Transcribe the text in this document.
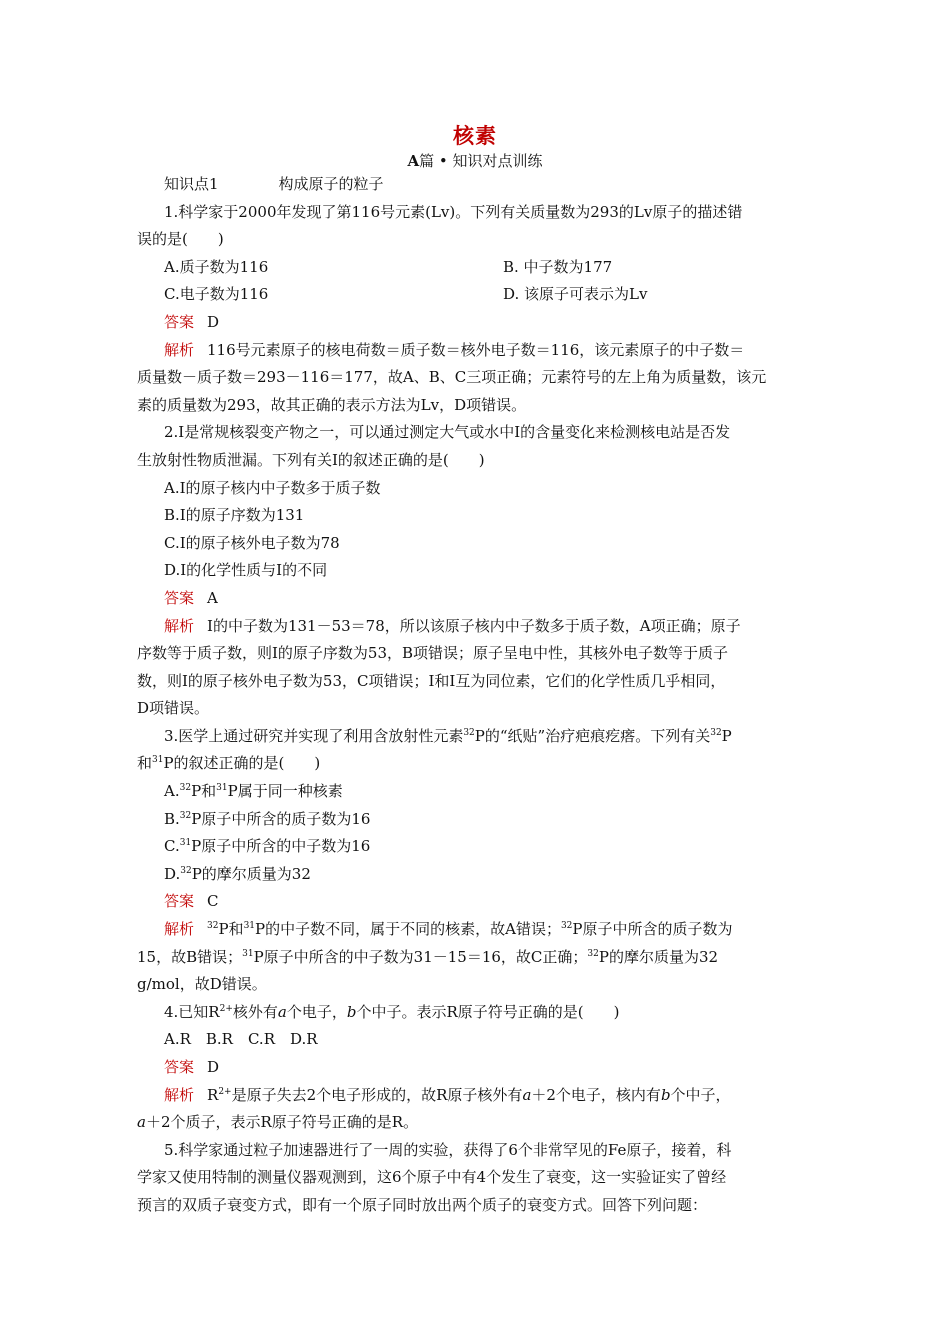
核素
A篇 • 知识对点训练
知识点1	构成原子的粒子
1.科学家于2000年发现了第116号元素(Lv)。下列有关质量数为293的Lv原子的描述错
误的是(　　)
A.质子数为116	B. 中子数为177
C.电子数为116	D. 该原子可表示为Lv
答案 D
解析 116号元素原子的核电荷数＝质子数＝核外电子数＝116，该元素原子的中子数＝
质量数－质子数＝293－116＝177，故A、B、C三项正确；元素符号的左上角为质量数，该元
素的质量数为293，故其正确的表示方法为Lv，D项错误。
2.I是常规核裂变产物之一，可以通过测定大气或水中I的含量变化来检测核电站是否发
生放射性物质泄漏。下列有关I的叙述正确的是(　　)
A.I的原子核内中子数多于质子数
B.I的原子序数为131
C.I的原子核外电子数为78
D.I的化学性质与I的不同
答案 A
解析 I的中子数为131－53＝78，所以该原子核内中子数多于质子数，A项正确；原子
序数等于质子数，则I的原子序数为53，B项错误；原子呈电中性，其核外电子数等于质子
数，则I的原子核外电子数为53，C项错误；I和I互为同位素，它们的化学性质几乎相同，
D项错误。
3.医学上通过研究并实现了利用含放射性元素$^{32}$P的“纸贴”治疗疤痕疙瘩。下列有关$^{32}$P
和$^{31}$P的叙述正确的是(　　)
A.$^{32}$P和$^{31}$P属于同一种核素
B.$^{32}$P原子中所含的质子数为16
C.$^{31}$P原子中所含的中子数为16
D.$^{32}$P的摩尔质量为32
答案 C
解析 $^{32}$P和$^{31}$P的中子数不同，属于不同的核素，故A错误；$^{32}$P原子中所含的质子数为
15，故B错误；$^{31}$P原子中所含的中子数为31－15＝16，故C正确；$^{32}$P的摩尔质量为32
g/mol，故D错误。
4.已知$R^{2+}$核外有a个电子，b个中子。表示R原子符号正确的是(　　)
A.R　B.R　C.R　D.R
答案 D
解析 $R^{2+}$是原子失去2个电子形成的，故R原子核外有a＋2个电子，核内有b个中子，
a＋2个质子，表示R原子符号正确的是R。
5.科学家通过粒子加速器进行了一周的实验，获得了6个非常罕见的Fe原子，接着，科
学家又使用特制的测量仪器观测到，这6个原子中有4个发生了衰变，这一实验证实了曾经
预言的双质子衰变方式，即有一个原子同时放出两个质子的衰变方式。回答下列问题：
